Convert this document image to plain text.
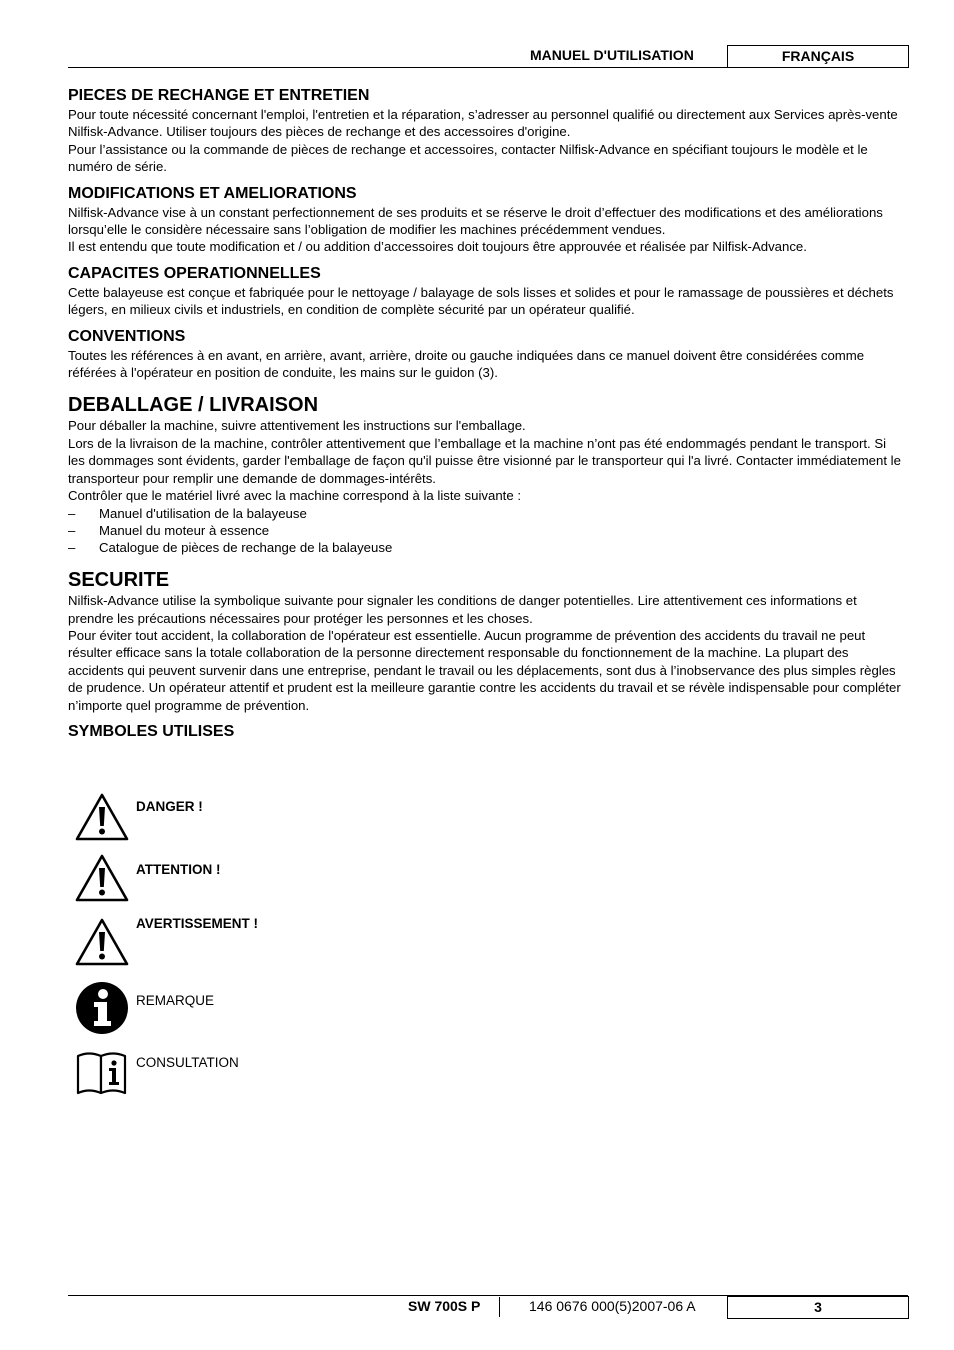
MANUEL D'UTILISATION	FRANÇAIS
PIECES DE RECHANGE ET ENTRETIEN

Pour toute nécessité concernant l'emploi, l'entretien et la réparation, s’adresser au personnel qualifié ou directement aux Services après-vente Nilfisk-Advance. Utiliser toujours des pièces de rechange et des accessoires d'origine.

Pour l’assistance ou la commande de pièces de rechange et accessoires, contacter Nilfisk-Advance en spécifiant toujours le modèle et le numéro de série.

MODIFICATIONS ET AMELIORATIONS

Nilfisk-Advance vise à un constant perfectionnement de ses produits et se réserve le droit d’effectuer des modifications et des améliorations lorsqu’elle le considère nécessaire sans l’obligation de modifier les machines précédemment vendues.

Il est entendu que toute modification et / ou addition d’accessoires doit toujours être approuvée et réalisée par Nilfisk-Advance.

CAPACITES OPERATIONNELLES

Cette balayeuse est conçue et fabriquée pour le nettoyage / balayage de sols lisses et solides et pour le ramassage de poussières et déchets légers, en milieux civils et industriels, en condition de complète sécurité par un opérateur qualifié.

CONVENTIONS

Toutes les références à en avant, en arrière, avant, arrière, droite ou gauche indiquées dans ce manuel doivent être considérées comme référées à l'opérateur en position de conduite, les mains sur le guidon (3).

DEBALLAGE / LIVRAISON

Pour déballer la machine, suivre attentivement les instructions sur l'emballage.

Lors de la livraison de la machine, contrôler attentivement que l’emballage et la machine n’ont pas été endommagés pendant le transport. Si les dommages sont évidents, garder l'emballage de façon qu'il puisse être visionné par le transporteur qui l'a livré. Contacter immédiatement le transporteur pour remplir une demande de dommages-intérêts.

Contrôler que le matériel livré avec la machine correspond à la liste suivante :

– Manuel d'utilisation de la balayeuse
– Manuel du moteur à essence
– Catalogue de pièces de rechange de la balayeuse
SECURITE

Nilfisk-Advance utilise la symbolique suivante pour signaler les conditions de danger potentielles. Lire attentivement ces informations et prendre les précautions nécessaires pour protéger les personnes et les choses.

Pour éviter tout accident, la collaboration de l'opérateur est essentielle. Aucun programme de prévention des accidents du travail ne peut résulter efficace sans la totale collaboration de la personne directement responsable du fonctionnement de la machine. La plupart des accidents qui peuvent survenir dans une entreprise, pendant le travail ou les déplacements, sont dus à l’inobservance des plus simples règles de prudence. Un opérateur attentif et prudent est la meilleure garantie contre les accidents du travail et se révèle indispensable pour compléter n’importe quel programme de prévention.

SYMBOLES UTILISES
DANGER !
ATTENTION !
AVERTISSEMENT !
REMARQUE
CONSULTATION
SW 700S P	146 0676 000(5)2007-06 A	3
